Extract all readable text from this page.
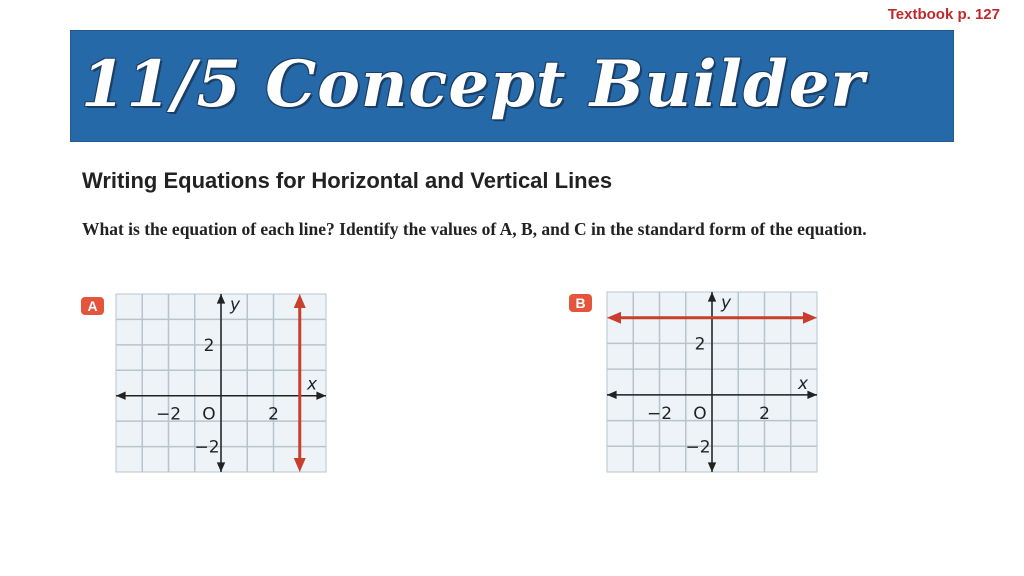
Textbook p. 127
11/5 Concept Builder
Writing Equations for Horizontal and Vertical Lines
What is the equation of each line? Identify the values of A, B, and C in the standard form of the equation.
A	B
y
x
−2 O	2
2
−2
y
x
−2 O	2
2
−2
